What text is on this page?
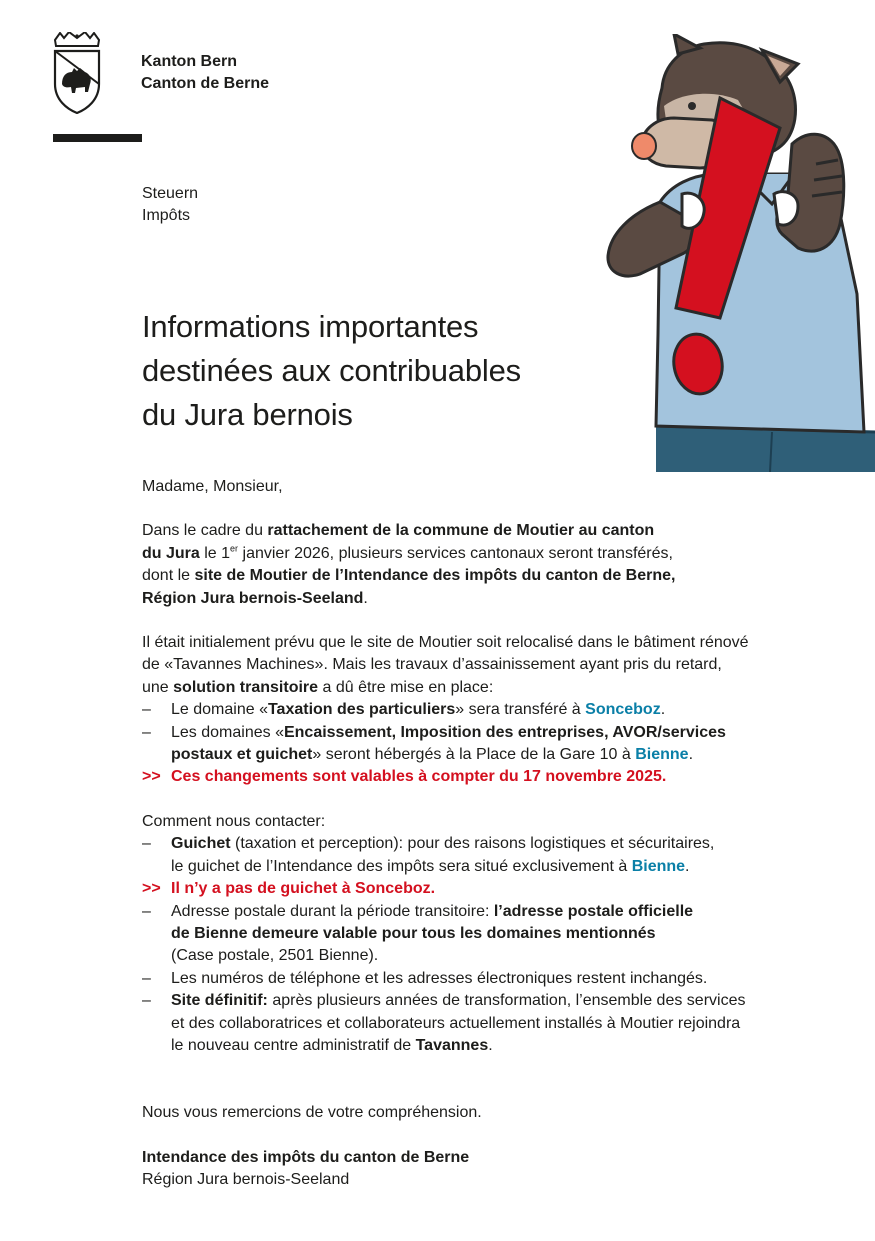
Kanton Bern
Canton de Berne
Steuern
Impôts
Informations importantes
destinées aux contribuables
du Jura bernois

Madame, Monsieur,

Dans le cadre du rattachement de la commune de Moutier au canton
du Jura le 1er janvier 2026, plusieurs services cantonaux seront transférés,
dont le site de Moutier de l’Intendance des impôts du canton de Berne,
Région Jura bernois-Seeland.

Il était initialement prévu que le site de Moutier soit relocalisé dans le bâtiment rénové
de «Tavannes Machines». Mais les travaux d’assainissement ayant pris du retard,
une solution transitoire a dû être mise en place:

–	Le domaine «Taxation des particuliers» sera transféré à Sonceboz.
–	Les domaines «Encaissement, Imposition des entreprises, AVOR/services
postaux et guichet» seront hébergés à la Place de la Gare 10 à Bienne.
>> Ces changements sont valables à compter du 17 novembre 2025.

Comment nous contacter:

–	Guichet (taxation et perception): pour des raisons logistiques et sécuritaires,
le guichet de l’Intendance des impôts sera situé exclusivement à Bienne.
>> Il n’y a pas de guichet à Sonceboz.
–	Adresse postale durant la période transitoire: l’adresse postale officielle
de Bienne demeure valable pour tous les domaines mentionnés
(Case postale, 2501 Bienne).
–	Les numéros de téléphone et les adresses électroniques restent inchangés.
–	Site définitif: après plusieurs années de transformation, l’ensemble des services
et des collaboratrices et collaborateurs actuellement installés à Moutier rejoindra
le nouveau centre administratif de Tavannes.

Nous vous remercions de votre compréhension.

Intendance des impôts du canton de Berne

Région Jura bernois-Seeland
